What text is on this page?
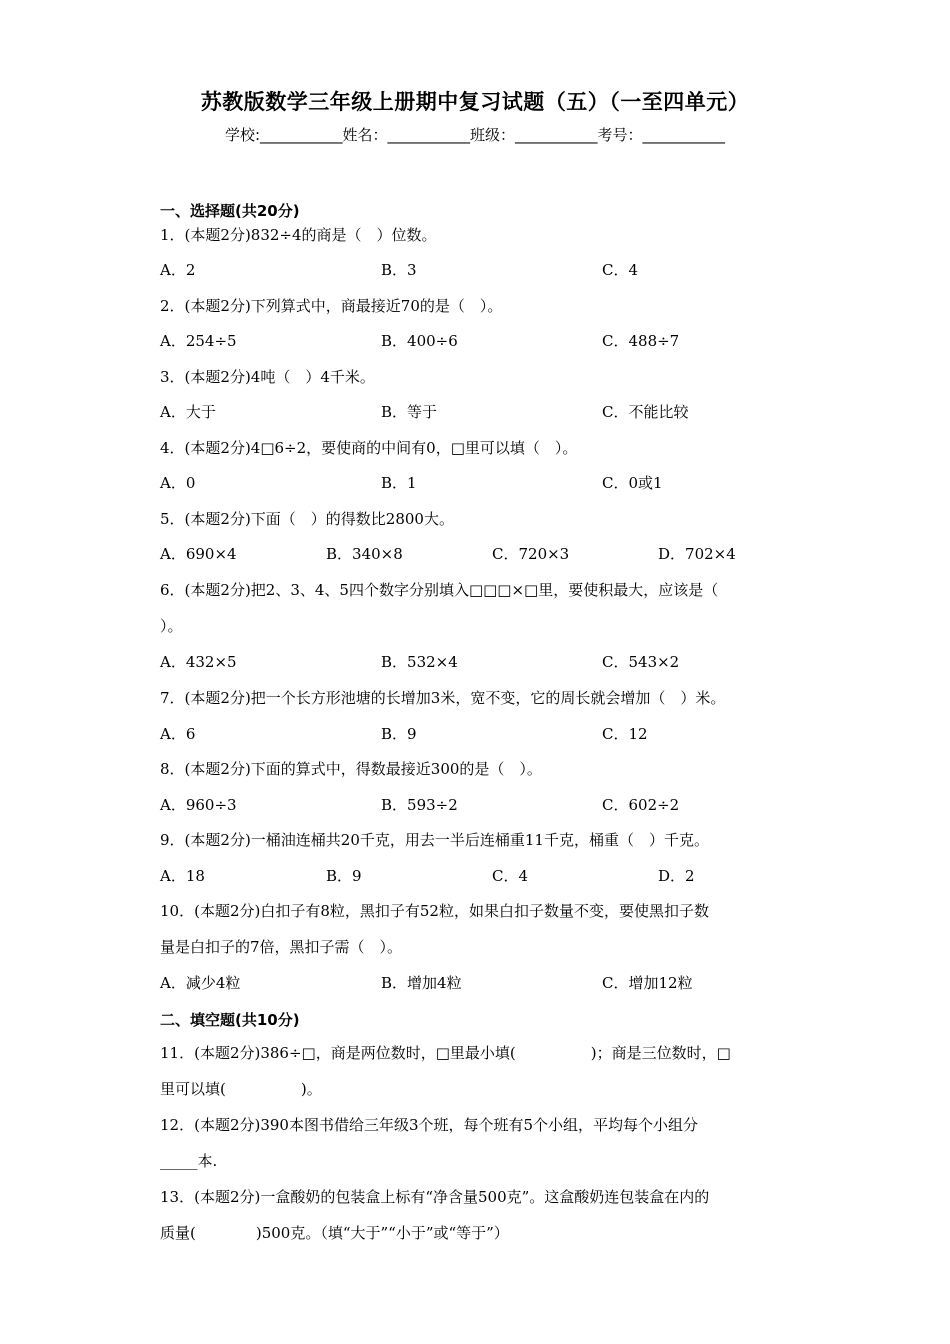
苏教版数学三年级上册期中复习试题（五）（一至四单元）
学校:___________姓名：___________班级：___________考号：___________
一、选择题(共20分)
1．(本题2分)832÷4的商是（　）位数。
A．2	B．3	C．4
2．(本题2分)下列算式中，商最接近70的是（　）。
A．254÷5	B．400÷6	C．488÷7
3．(本题2分)4吨（　）4千米。
A．大于	B．等于	C．不能比较
4．(本题2分)4□6÷2，要使商的中间有0，□里可以填（　）。
A．0	B．1	C．0或1
5．(本题2分)下面（　）的得数比2800大。
A．690×4	B．340×8	C．720×3	D．702×4
6．(本题2分)把2、3、4、5四个数字分别填入□□□×□里，要使积最大，应该是（
）。
A．432×5	B．532×4	C．543×2
7．(本题2分)把一个长方形池塘的长增加3米，宽不变，它的周长就会增加（　）米。
A．6	B．9	C．12
8．(本题2分)下面的算式中，得数最接近300的是（　）。
A．960÷3	B．593÷2	C．602÷2
9．(本题2分)一桶油连桶共20千克，用去一半后连桶重11千克，桶重（　）千克。
A．18	B．9	C．4	D．2
10．(本题2分)白扣子有8粒，黑扣子有52粒，如果白扣子数量不变，要使黑扣子数
量是白扣子的7倍，黑扣子需（　）。
A．减少4粒	B．增加4粒	C．增加12粒
二、填空题(共10分)
11．(本题2分)386÷□，商是两位数时，□里最小填(　　　　　)；商是三位数时，□
里可以填(　　　　　)。
12．(本题2分)390本图书借给三年级3个班，每个班有5个小组，平均每个小组分
_____本.
13．(本题2分)一盒酸奶的包装盒上标有“净含量500克”。这盒酸奶连包装盒在内的
质量(　　　　)500克。（填“大于”“小于”或“等于”）
